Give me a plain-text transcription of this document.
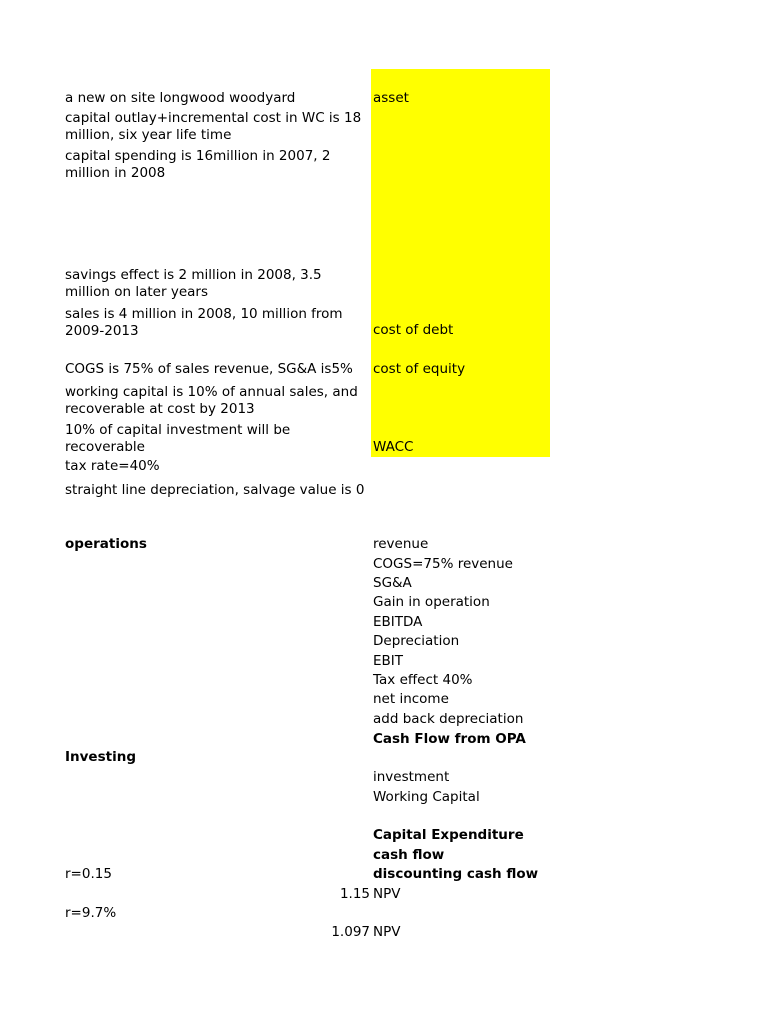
a new on site longwood woodyard
capital outlay+incremental cost in WC is 18 million, six year life time
capital spending is 16million in 2007, 2 million in 2008
savings effect is 2 million in 2008, 3.5 million on later years
sales is 4 million in 2008, 10 million from 2009-2013
COGS is 75% of sales revenue, SG&A is5%
working capital is 10% of annual sales, and recoverable at cost by 2013
10% of capital investment will be recoverable
tax rate=40%
straight line depreciation, salvage value is 0
asset
cost of debt
cost of equity
WACC
operations	revenue
COGS=75% revenue
SG&A
Gain in operation
EBITDA
Depreciation
EBIT
Tax effect 40%
net income
add back depreciation
Cash Flow from OPA
Investing
investment
Working Capital
Capital Expenditure
cash flow
discounting cash flow
r=0.15
1.15 NPV
r=9.7%
1.097 NPV
